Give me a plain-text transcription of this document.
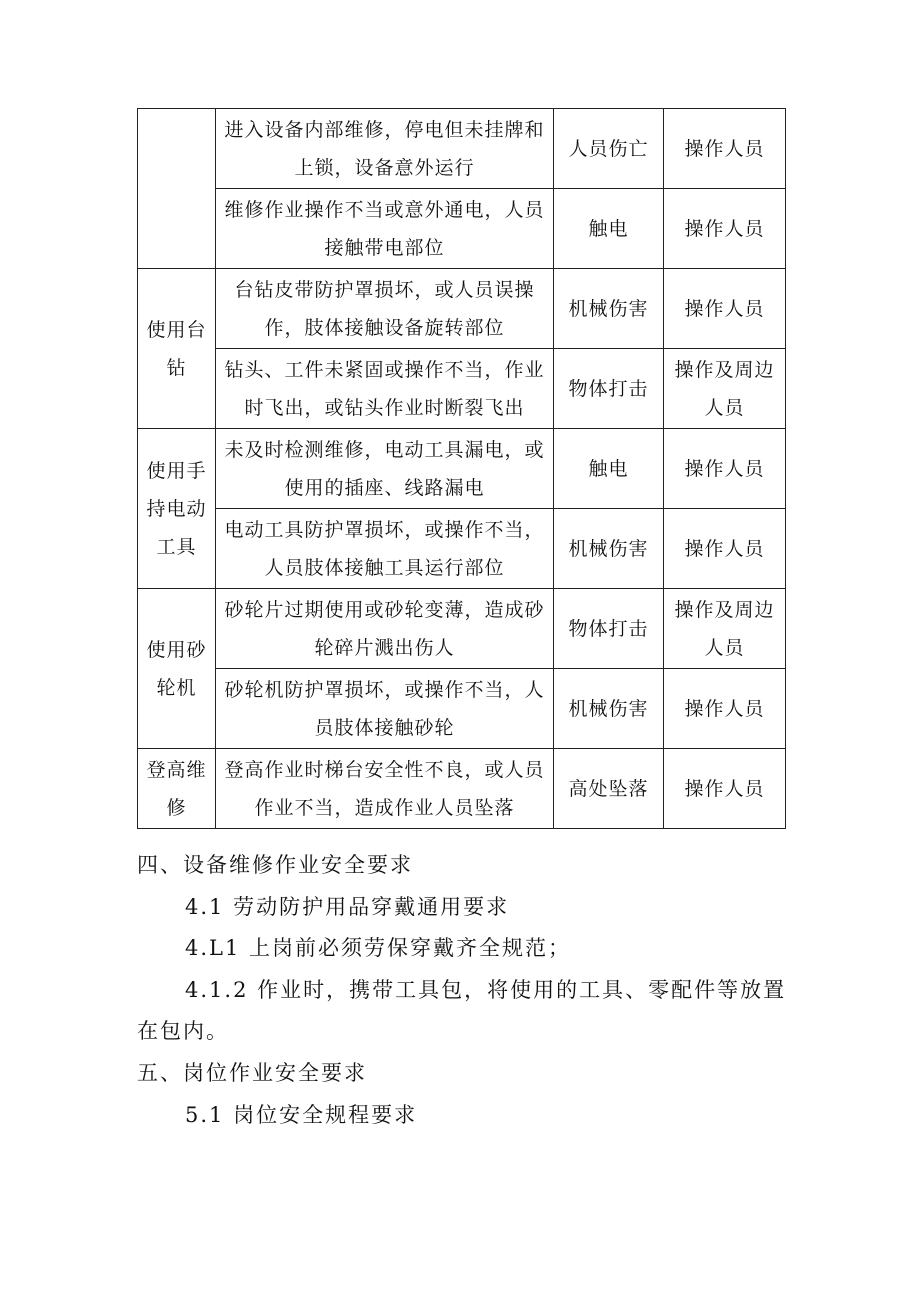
	进入设备内部维修，停电但未挂牌和上锁，设备意外运行	人员伤亡	操作人员
	维修作业操作不当或意外通电，人员接触带电部位	触电	操作人员
使用台钻	台钻皮带防护罩损坏，或人员误操作，肢体接触设备旋转部位	机械伤害	操作人员
	钻头、工件未紧固或操作不当，作业时飞出，或钻头作业时断裂飞出	物体打击	操作及周边人员
使用手持电动工具	未及时检测维修，电动工具漏电，或使用的插座、线路漏电	触电	操作人员
	电动工具防护罩损坏，或操作不当，人员肢体接触工具运行部位	机械伤害	操作人员
使用砂轮机	砂轮片过期使用或砂轮变薄，造成砂轮碎片溅出伤人	物体打击	操作及周边人员
	砂轮机防护罩损坏，或操作不当，人员肢体接触砂轮	机械伤害	操作人员
登高维修	登高作业时梯台安全性不良，或人员作业不当，造成作业人员坠落	高处坠落	操作人员
四、设备维修作业安全要求
4.1 劳动防护用品穿戴通用要求
4.L1 上岗前必须劳保穿戴齐全规范；
4.1.2 作业时，携带工具包，将使用的工具、零配件等放置
在包内。
五、岗位作业安全要求
5.1 岗位安全规程要求
